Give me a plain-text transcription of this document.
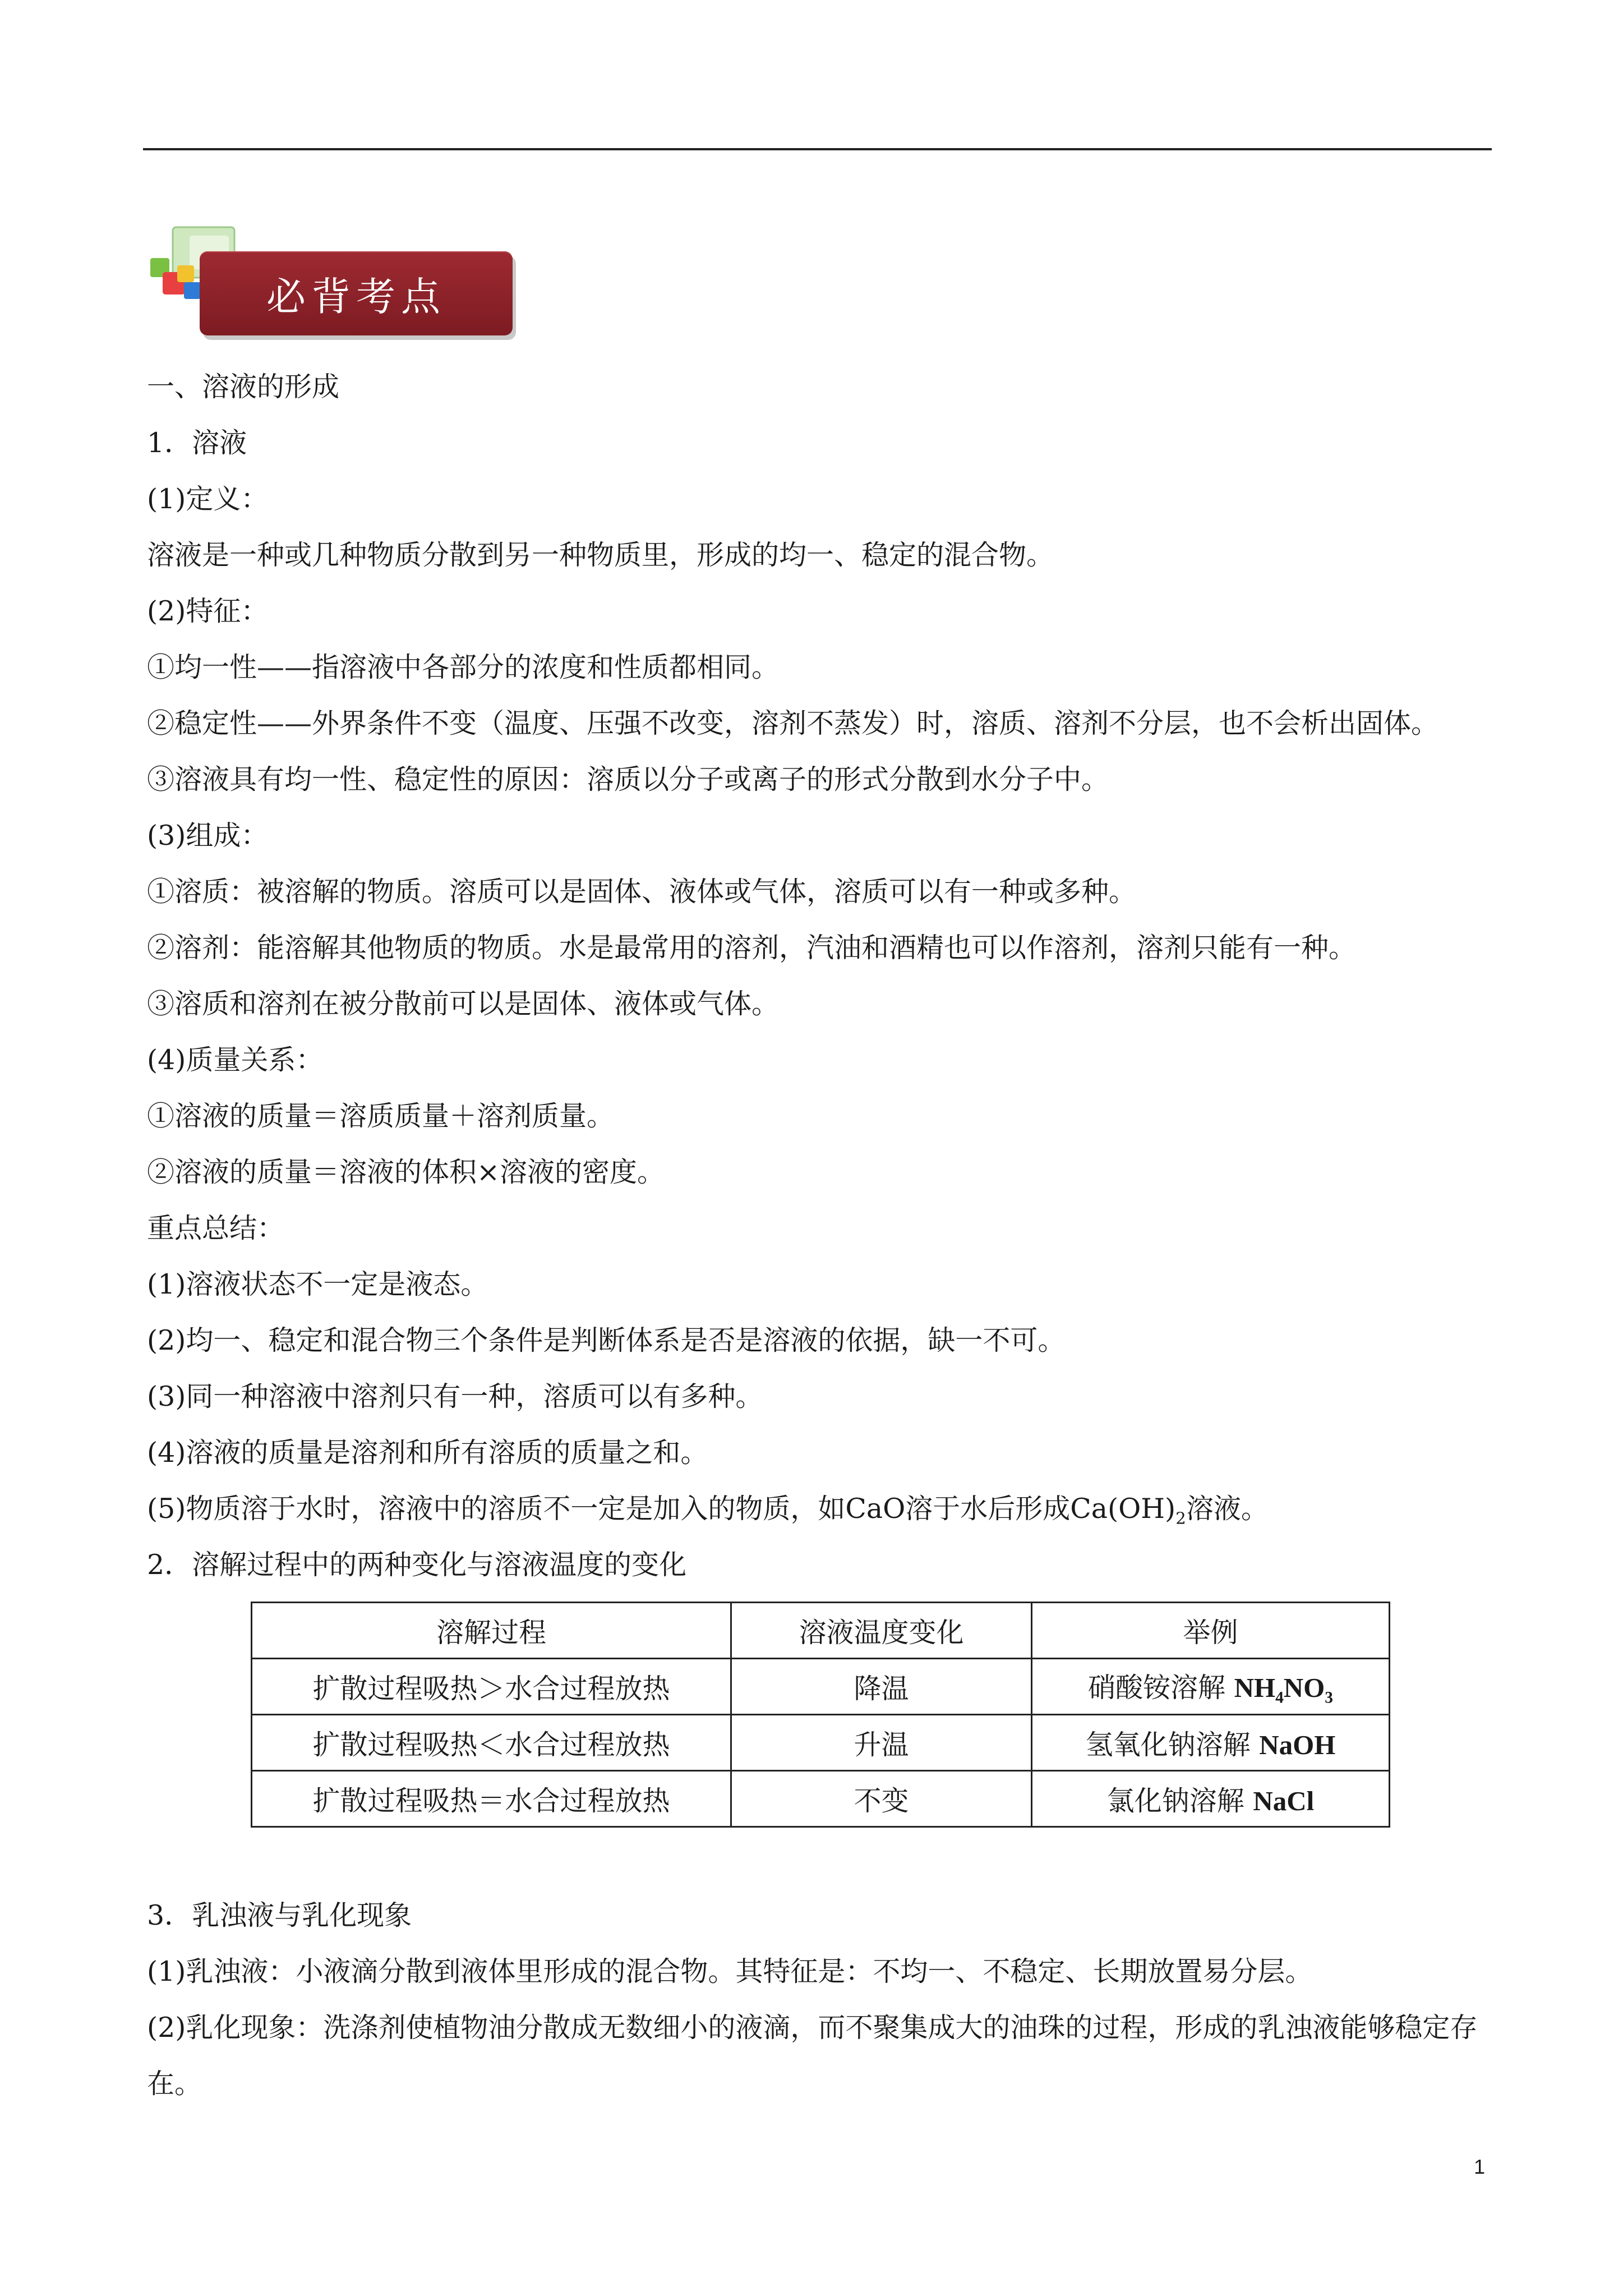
必背考点
一、溶液的形成
1．溶液
(1)定义：
溶液是一种或几种物质分散到另一种物质里，形成的均一、稳定的混合物。
(2)特征：
①均一性——指溶液中各部分的浓度和性质都相同。
②稳定性——外界条件不变（温度、压强不改变，溶剂不蒸发）时，溶质、溶剂不分层，也不会析出固体。
③溶液具有均一性、稳定性的原因：溶质以分子或离子的形式分散到水分子中。
(3)组成：
①溶质：被溶解的物质。溶质可以是固体、液体或气体，溶质可以有一种或多种。
②溶剂：能溶解其他物质的物质。水是最常用的溶剂，汽油和酒精也可以作溶剂，溶剂只能有一种。
③溶质和溶剂在被分散前可以是固体、液体或气体。
(4)质量关系：
①溶液的质量＝溶质质量＋溶剂质量。
②溶液的质量＝溶液的体积×溶液的密度。
重点总结：
(1)溶液状态不一定是液态。
(2)均一、稳定和混合物三个条件是判断体系是否是溶液的依据，缺一不可。
(3)同一种溶液中溶剂只有一种，溶质可以有多种。
(4)溶液的质量是溶剂和所有溶质的质量之和。
(5)物质溶于水时，溶液中的溶质不一定是加入的物质，如CaO溶于水后形成$Ca(OH)_2$溶液。
2．溶解过程中的两种变化与溶液温度的变化
溶解过程	溶液温度变化	举例
扩散过程吸热＞水合过程放热	降温	硝酸铵溶解 $NH_4NO_3$
扩散过程吸热＜水合过程放热	升温	氢氧化钠溶解 NaOH
扩散过程吸热＝水合过程放热	不变	氯化钠溶解 NaCl
3．乳浊液与乳化现象
(1)乳浊液：小液滴分散到液体里形成的混合物。其特征是：不均一、不稳定、长期放置易分层。
(2)乳化现象：洗涤剂使植物油分散成无数细小的液滴，而不聚集成大的油珠的过程，形成的乳浊液能够稳定存在。
1
